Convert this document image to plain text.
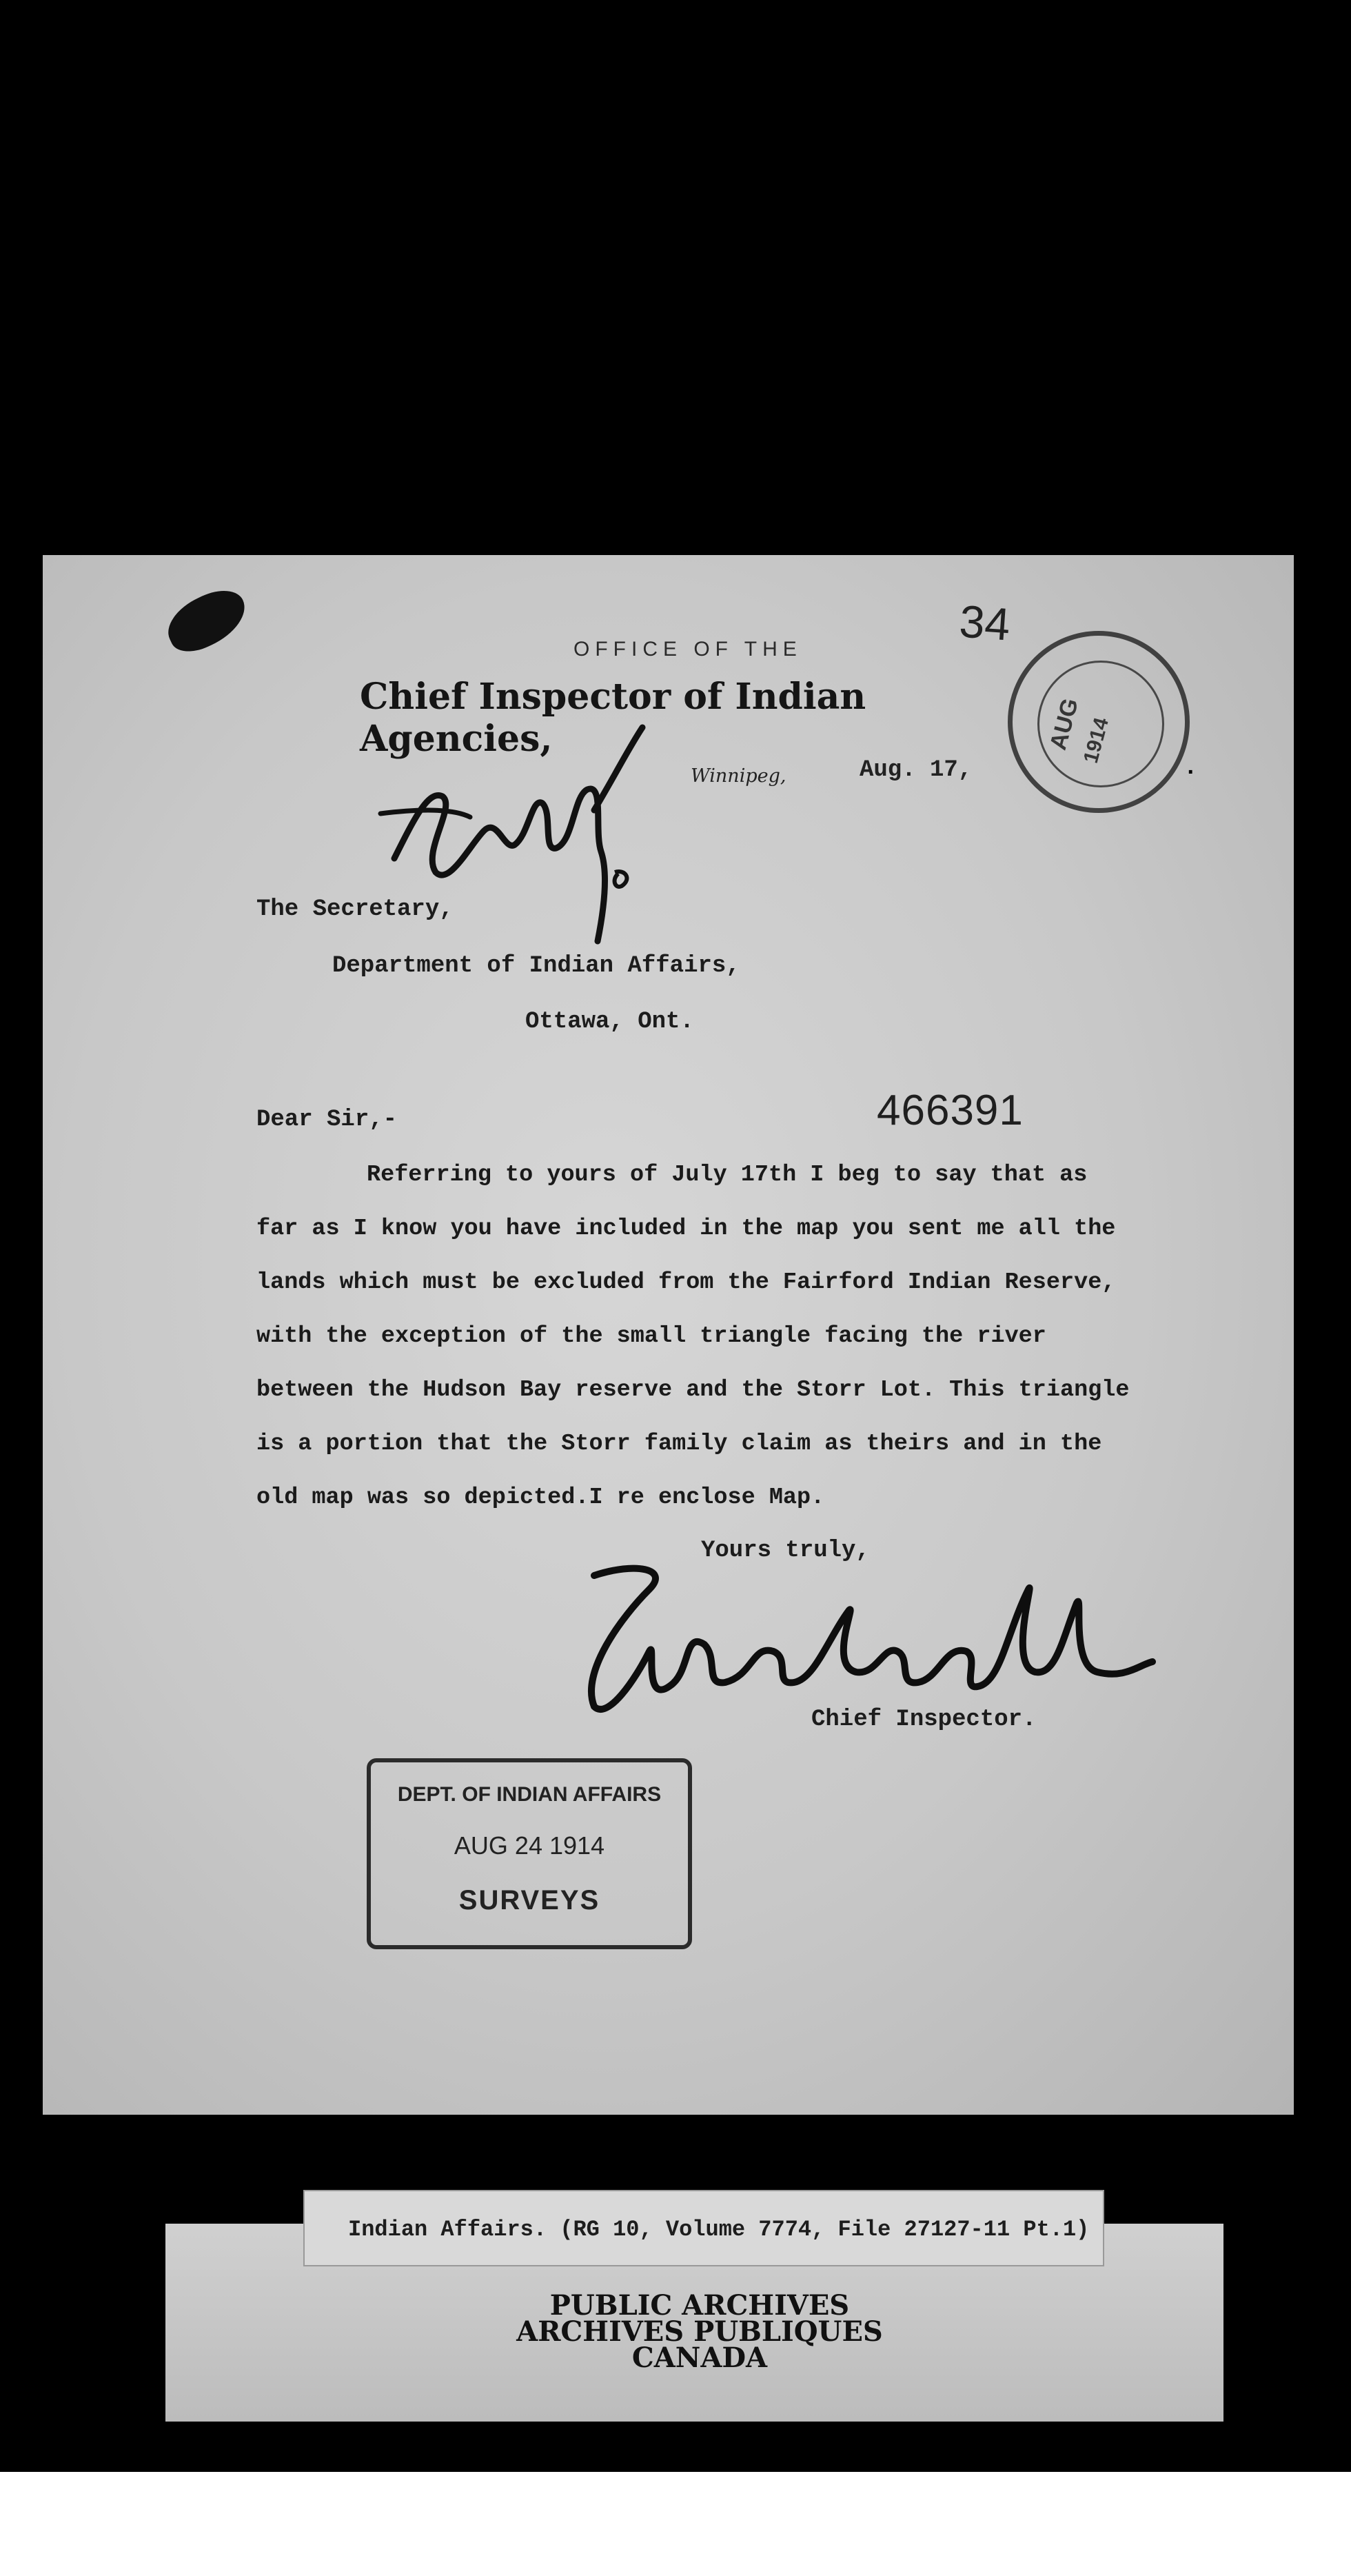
OFFICE OF THE
Chief Inspector of Indian Agencies,
34
AUG
1914
Winnipeg,	Aug. 17,	.
The Secretary,
Department of Indian Affairs,
Ottawa, Ont.
466391
Dear Sir,-
Referring to yours of July 17th I beg to say that as
far as I know you have included in the map you sent me all the
lands which must be excluded from the Fairford Indian Reserve,
with the exception of the small triangle facing the river
between the Hudson Bay reserve and the Storr Lot. This triangle
is a portion that the Storr family claim as theirs and in the
old map was so depicted.I re enclose Map.
Yours truly,
Chief Inspector.
DEPT. OF INDIAN AFFAIRS
AUG 24 1914
SURVEYS
Indian Affairs. (RG 10, Volume 7774, File 27127-11 Pt.1)
PUBLIC ARCHIVES
ARCHIVES PUBLIQUES
CANADA
